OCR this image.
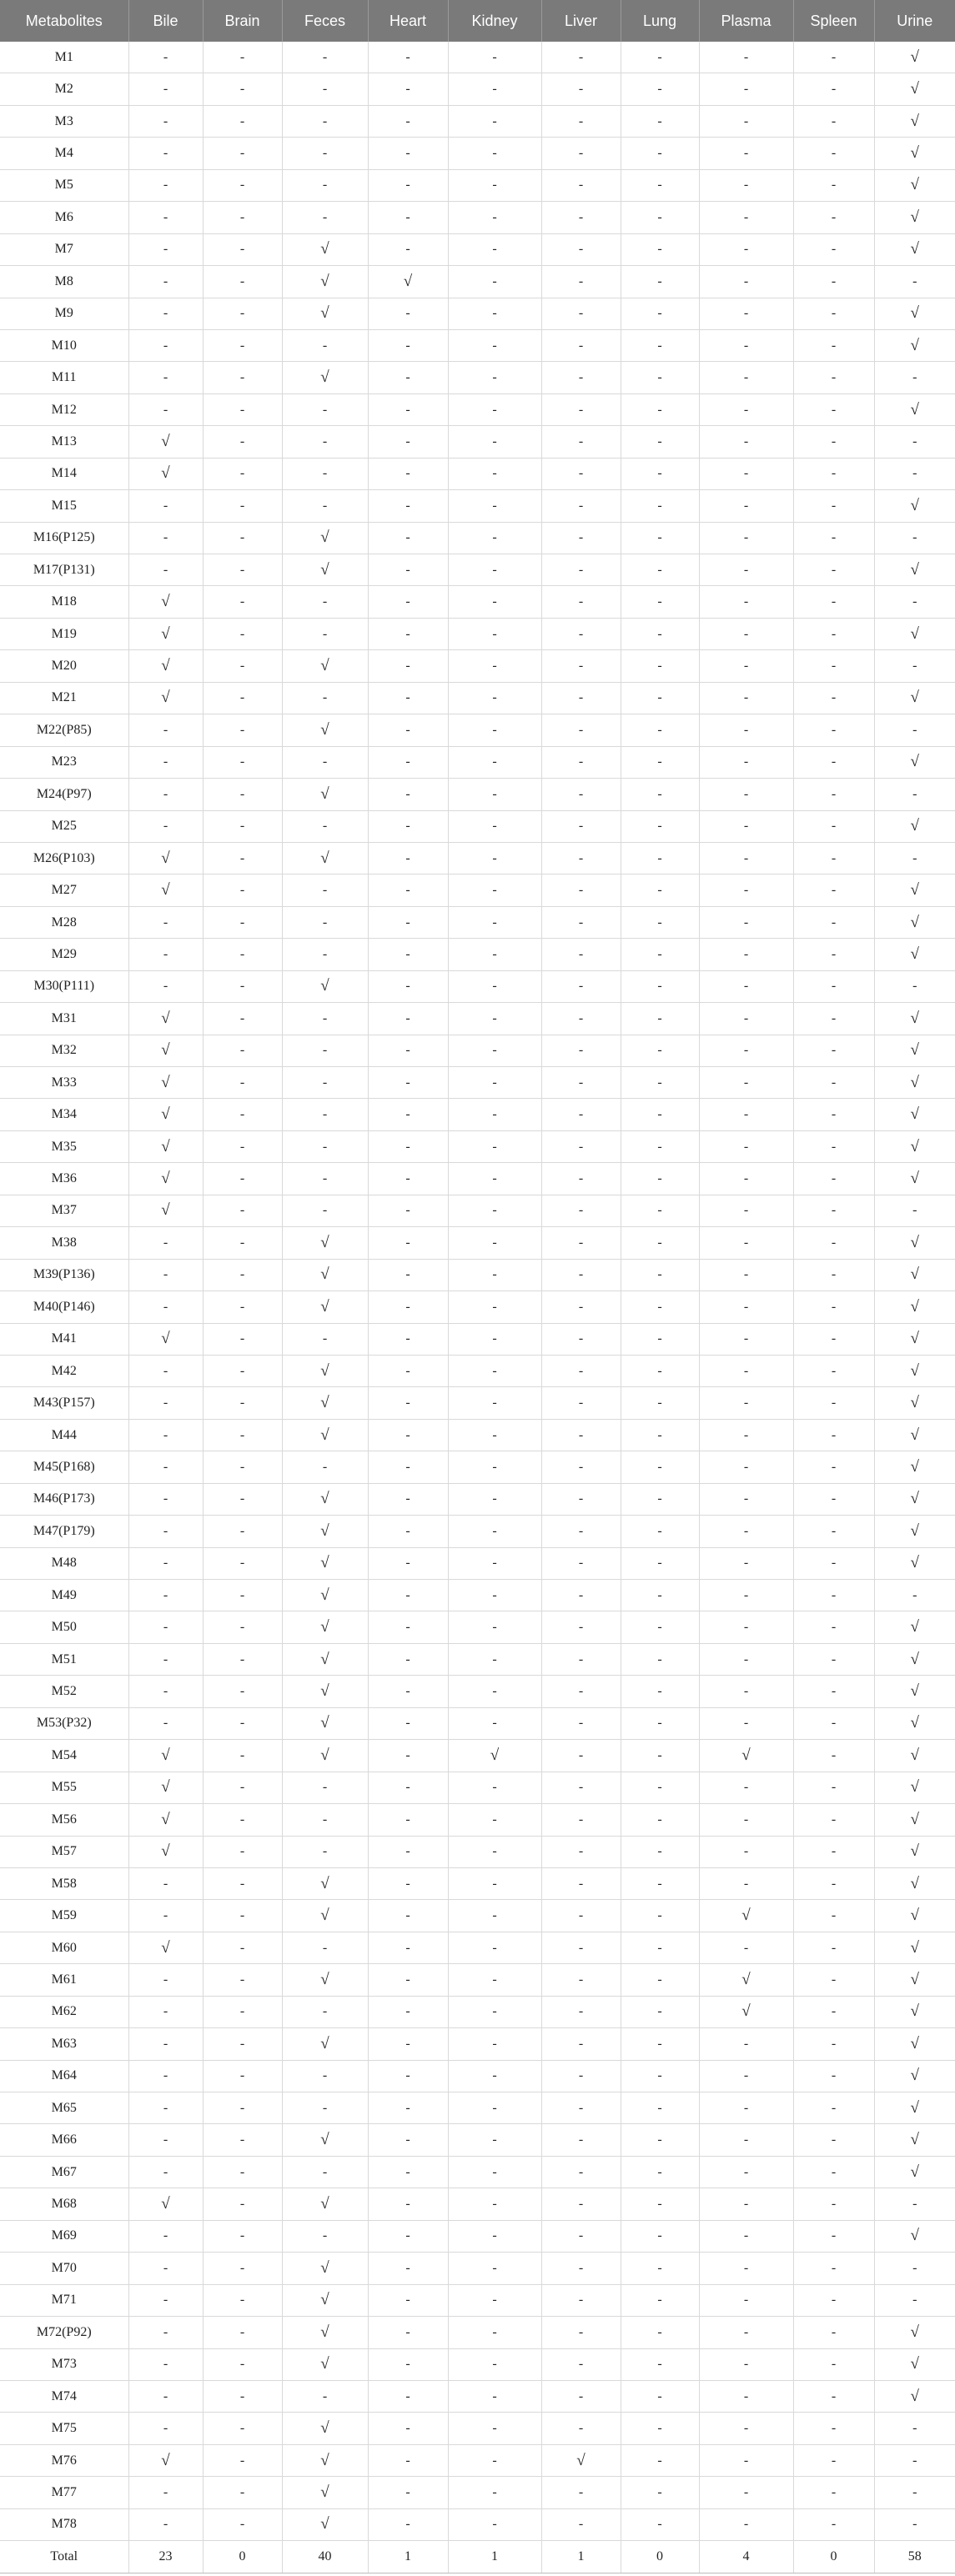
Metabolites	Bile	Brain	Feces	Heart	Kidney	Liver	Lung	Plasma	Spleen	Urine
M1	-	-	-	-	-	-	-	-	-	√
M2	-	-	-	-	-	-	-	-	-	√
M3	-	-	-	-	-	-	-	-	-	√
M4	-	-	-	-	-	-	-	-	-	√
M5	-	-	-	-	-	-	-	-	-	√
M6	-	-	-	-	-	-	-	-	-	√
M7	-	-	√	-	-	-	-	-	-	√
M8	-	-	√	√	-	-	-	-	-	-
M9	-	-	√	-	-	-	-	-	-	√
M10	-	-	-	-	-	-	-	-	-	√
M11	-	-	√	-	-	-	-	-	-	-
M12	-	-	-	-	-	-	-	-	-	√
M13	√	-	-	-	-	-	-	-	-	-
M14	√	-	-	-	-	-	-	-	-	-
M15	-	-	-	-	-	-	-	-	-	√
M16(P125)	-	-	√	-	-	-	-	-	-	-
M17(P131)	-	-	√	-	-	-	-	-	-	√
M18	√	-	-	-	-	-	-	-	-	-
M19	√	-	-	-	-	-	-	-	-	√
M20	√	-	√	-	-	-	-	-	-	-
M21	√	-	-	-	-	-	-	-	-	√
M22(P85)	-	-	√	-	-	-	-	-	-	-
M23	-	-	-	-	-	-	-	-	-	√
M24(P97)	-	-	√	-	-	-	-	-	-	-
M25	-	-	-	-	-	-	-	-	-	√
M26(P103)	√	-	√	-	-	-	-	-	-	-
M27	√	-	-	-	-	-	-	-	-	√
M28	-	-	-	-	-	-	-	-	-	√
M29	-	-	-	-	-	-	-	-	-	√
M30(P111)	-	-	√	-	-	-	-	-	-	-
M31	√	-	-	-	-	-	-	-	-	√
M32	√	-	-	-	-	-	-	-	-	√
M33	√	-	-	-	-	-	-	-	-	√
M34	√	-	-	-	-	-	-	-	-	√
M35	√	-	-	-	-	-	-	-	-	√
M36	√	-	-	-	-	-	-	-	-	√
M37	√	-	-	-	-	-	-	-	-	-
M38	-	-	√	-	-	-	-	-	-	√
M39(P136)	-	-	√	-	-	-	-	-	-	√
M40(P146)	-	-	√	-	-	-	-	-	-	√
M41	√	-	-	-	-	-	-	-	-	√
M42	-	-	√	-	-	-	-	-	-	√
M43(P157)	-	-	√	-	-	-	-	-	-	√
M44	-	-	√	-	-	-	-	-	-	√
M45(P168)	-	-	-	-	-	-	-	-	-	√
M46(P173)	-	-	√	-	-	-	-	-	-	√
M47(P179)	-	-	√	-	-	-	-	-	-	√
M48	-	-	√	-	-	-	-	-	-	√
M49	-	-	√	-	-	-	-	-	-	-
M50	-	-	√	-	-	-	-	-	-	√
M51	-	-	√	-	-	-	-	-	-	√
M52	-	-	√	-	-	-	-	-	-	√
M53(P32)	-	-	√	-	-	-	-	-	-	√
M54	√	-	√	-	√	-	-	√	-	√
M55	√	-	-	-	-	-	-	-	-	√
M56	√	-	-	-	-	-	-	-	-	√
M57	√	-	-	-	-	-	-	-	-	√
M58	-	-	√	-	-	-	-	-	-	√
M59	-	-	√	-	-	-	-	√	-	√
M60	√	-	-	-	-	-	-	-	-	√
M61	-	-	√	-	-	-	-	√	-	√
M62	-	-	-	-	-	-	-	√	-	√
M63	-	-	√	-	-	-	-	-	-	√
M64	-	-	-	-	-	-	-	-	-	√
M65	-	-	-	-	-	-	-	-	-	√
M66	-	-	√	-	-	-	-	-	-	√
M67	-	-	-	-	-	-	-	-	-	√
M68	√	-	√	-	-	-	-	-	-	-
M69	-	-	-	-	-	-	-	-	-	√
M70	-	-	√	-	-	-	-	-	-	-
M71	-	-	√	-	-	-	-	-	-	-
M72(P92)	-	-	√	-	-	-	-	-	-	√
M73	-	-	√	-	-	-	-	-	-	√
M74	-	-	-	-	-	-	-	-	-	√
M75	-	-	√	-	-	-	-	-	-	-
M76	√	-	√	-	-	√	-	-	-	-
M77	-	-	√	-	-	-	-	-	-	-
M78	-	-	√	-	-	-	-	-	-	-
Total	23	0	40	1	1	1	0	4	0	58
